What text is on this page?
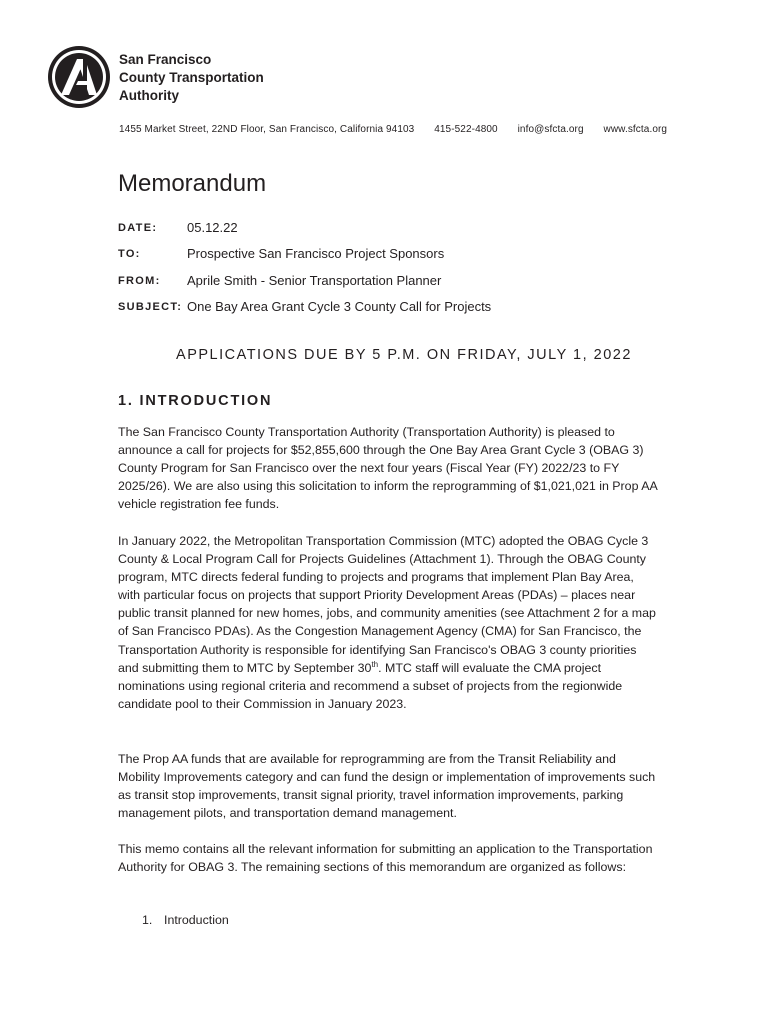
San Francisco
County Transportation
Authority
1455 Market Street, 22ND Floor, San Francisco, California 94103 415-522-4800 info@sfcta.org www.sfcta.org
Memorandum
DATE:	05.12.22
TO:	Prospective San Francisco Project Sponsors
FROM:	Aprile Smith - Senior Transportation Planner
SUBJECT: One Bay Area Grant Cycle 3 County Call for Projects
APPLICATIONS DUE BY 5 P.M. ON FRIDAY, JULY 1, 2022
1. INTRODUCTION

The San Francisco County Transportation Authority (Transportation Authority) is pleased to announce a call for projects for $52,855,600 through the One Bay Area Grant Cycle 3 (OBAG 3) County Program for San Francisco over the next four years (Fiscal Year (FY) 2022/23 to FY 2025/26). We are also using this solicitation to inform the reprogramming of $1,021,021 in Prop AA vehicle registration fee funds.

In January 2022, the Metropolitan Transportation Commission (MTC) adopted the OBAG Cycle 3 County & Local Program Call for Projects Guidelines (Attachment 1). Through the OBAG County program, MTC directs federal funding to projects and programs that implement Plan Bay Area, with particular focus on projects that support Priority Development Areas (PDAs) – places near public transit planned for new homes, jobs, and community amenities (see Attachment 2 for a map of San Francisco PDAs). As the Congestion Management Agency (CMA) for San Francisco, the Transportation Authority is responsible for identifying San Francisco's OBAG 3 county priorities and submitting them to MTC by September 30th. MTC staff will evaluate the CMA project nominations using regional criteria and recommend a subset of projects from the regionwide candidate pool to their Commission in January 2023.

The Prop AA funds that are available for reprogramming are from the Transit Reliability and Mobility Improvements category and can fund the design or implementation of improvements such as transit stop improvements, transit signal priority, travel information improvements, parking management pilots, and transportation demand management.

This memo contains all the relevant information for submitting an application to the Transportation Authority for OBAG 3. The remaining sections of this memorandum are organized as follows:

1. Introduction
